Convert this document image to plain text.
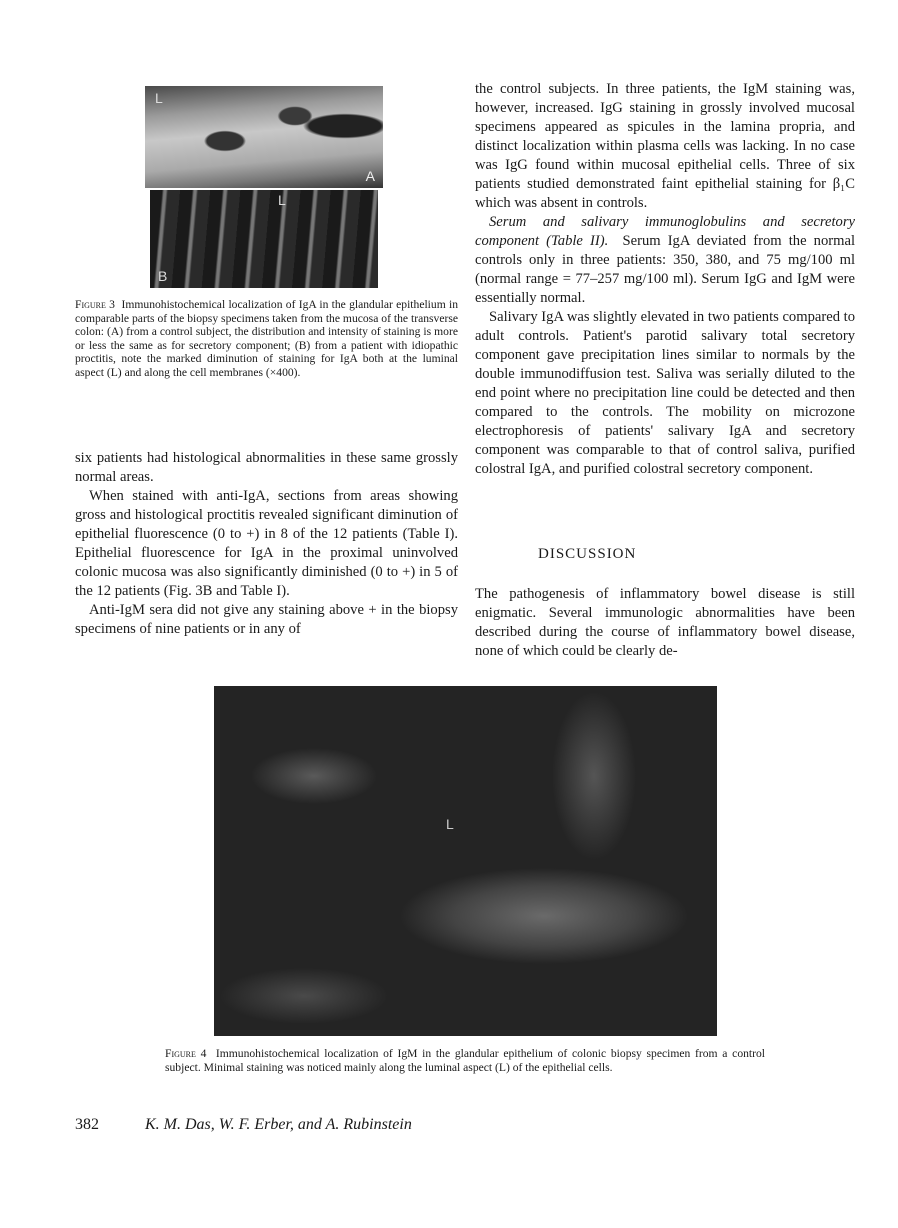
L
A
L
B
Figure 3 Immunohistochemical localization of IgA in the glandular epithelium in comparable parts of the biopsy specimens taken from the mucosa of the transverse colon: (A) from a control subject, the distribution and intensity of staining is more or less the same as for secretory component; (B) from a patient with idiopathic proctitis, note the marked diminution of staining for IgA both at the luminal aspect (L) and along the cell membranes (×400).

six patients had histological abnormalities in these same grossly normal areas.

When stained with anti-IgA, sections from areas showing gross and histological proctitis revealed significant diminution of epithelial fluorescence (0 to +) in 8 of the 12 patients (Table I). Epithelial fluorescence for IgA in the proximal uninvolved colonic mucosa was also significantly diminished (0 to +) in 5 of the 12 patients (Fig. 3B and Table I).

Anti-IgM sera did not give any staining above + in the biopsy specimens of nine patients or in any of

the control subjects. In three patients, the IgM staining was, however, increased. IgG staining in grossly involved mucosal specimens appeared as spicules in the lamina propria, and distinct localization within plasma cells was lacking. In no case was IgG found within mucosal epithelial cells. Three of six patients studied demonstrated faint epithelial staining for β₁C which was absent in controls.

Serum and salivary immunoglobulins and secretory component (Table II). Serum IgA deviated from the normal controls only in three patients: 350, 380, and 75 mg/100 ml (normal range = 77–257 mg/100 ml). Serum IgG and IgM were essentially normal.

Salivary IgA was slightly elevated in two patients compared to adult controls. Patient's parotid salivary total secretory component gave precipitation lines similar to normals by the double immunodiffusion test. Saliva was serially diluted to the end point where no precipitation line could be detected and then compared to the controls. The mobility on microzone electrophoresis of patients' salivary IgA and secretory component was comparable to that of control saliva, purified colostral IgA, and purified colostral secretory component.

DISCUSSION

The pathogenesis of inflammatory bowel disease is still enigmatic. Several immunologic abnormalities have been described during the course of inflammatory bowel disease, none of which could be clearly de-

L
Figure 4 Immunohistochemical localization of IgM in the glandular epithelium of colonic biopsy specimen from a control subject. Minimal staining was noticed mainly along the luminal aspect (L) of the epithelial cells.
382	K. M. Das, W. F. Erber, and A. Rubinstein
